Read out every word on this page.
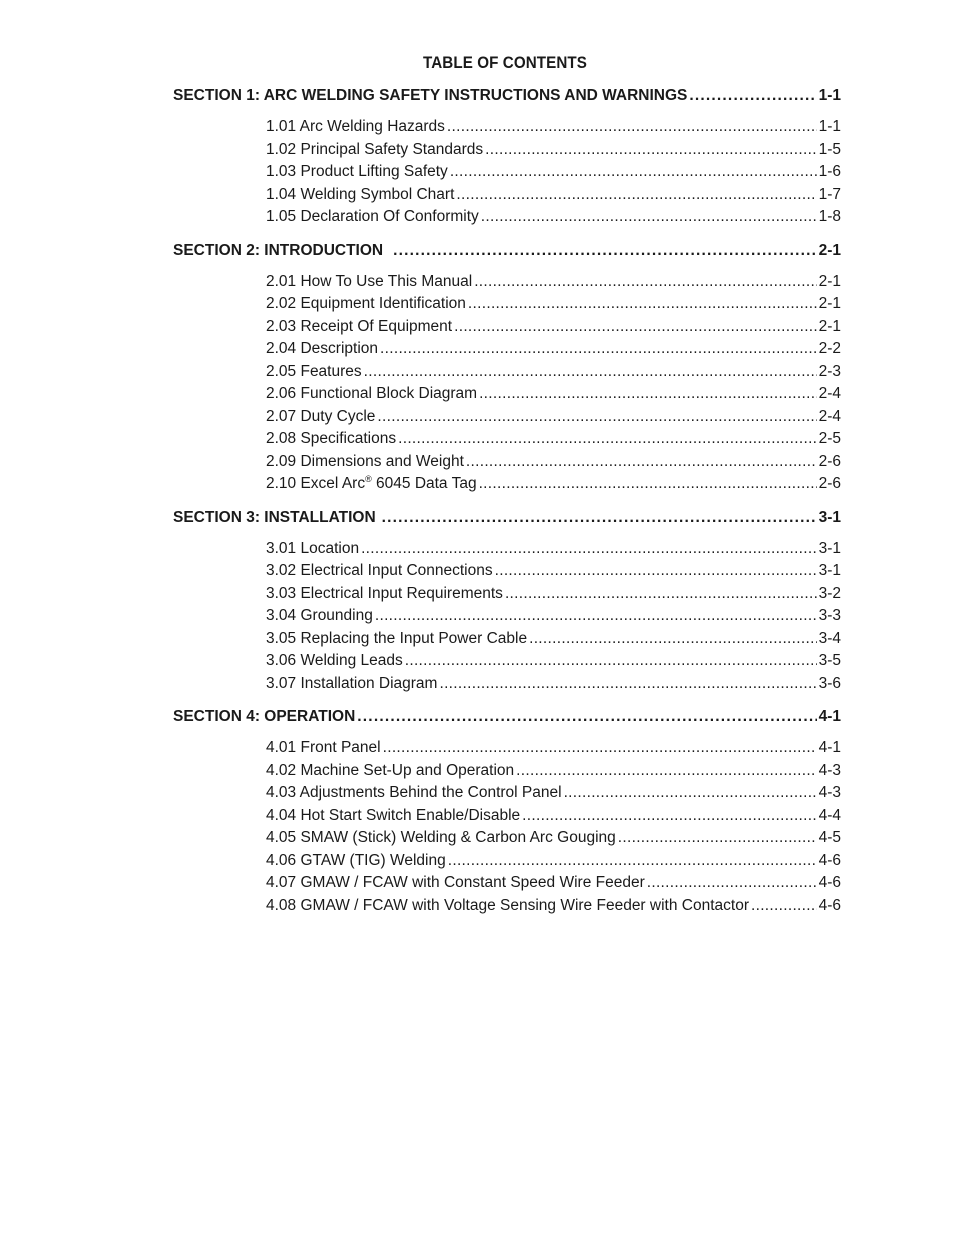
TABLE OF CONTENTS
SECTION 1: ARC WELDING SAFETY INSTRUCTIONS AND WARNINGS .....	1-1
1.01 Arc Welding Hazards .....	1-1
1.02 Principal Safety Standards .....	1-5
1.03 Product Lifting Safety .....	1-6
1.04 Welding Symbol Chart .....	1-7
1.05 Declaration Of Conformity .....	1-8
SECTION 2: INTRODUCTION .....	2-1
2.01 How To Use This Manual .....	2-1
2.02 Equipment Identification .....	2-1
2.03 Receipt Of Equipment .....	2-1
2.04 Description .....	2-2
2.05 Features .....	2-3
2.06 Functional Block Diagram .....	2-4
2.07 Duty Cycle .....	2-4
2.08 Specifications .....	2-5
2.09 Dimensions and Weight .....	2-6
2.10 Excel Arc® 6045 Data Tag .....	2-6
SECTION 3: INSTALLATION .....	3-1
3.01 Location .....	3-1
3.02 Electrical Input Connections .....	3-1
3.03 Electrical Input Requirements .....	3-2
3.04 Grounding .....	3-3
3.05 Replacing the Input Power Cable .....	3-4
3.06 Welding Leads .....	3-5
3.07 Installation Diagram .....	3-6
SECTION 4: OPERATION .....	4-1
4.01 Front Panel .....	4-1
4.02 Machine Set-Up and Operation .....	4-3
4.03 Adjustments Behind the Control Panel .....	4-3
4.04 Hot Start Switch Enable/Disable .....	4-4
4.05 SMAW (Stick) Welding & Carbon Arc Gouging .....	4-5
4.06 GTAW (TIG) Welding .....	4-6
4.07 GMAW / FCAW with Constant Speed Wire Feeder .....	4-6
4.08 GMAW / FCAW with Voltage Sensing Wire Feeder with Contactor .....	4-6
